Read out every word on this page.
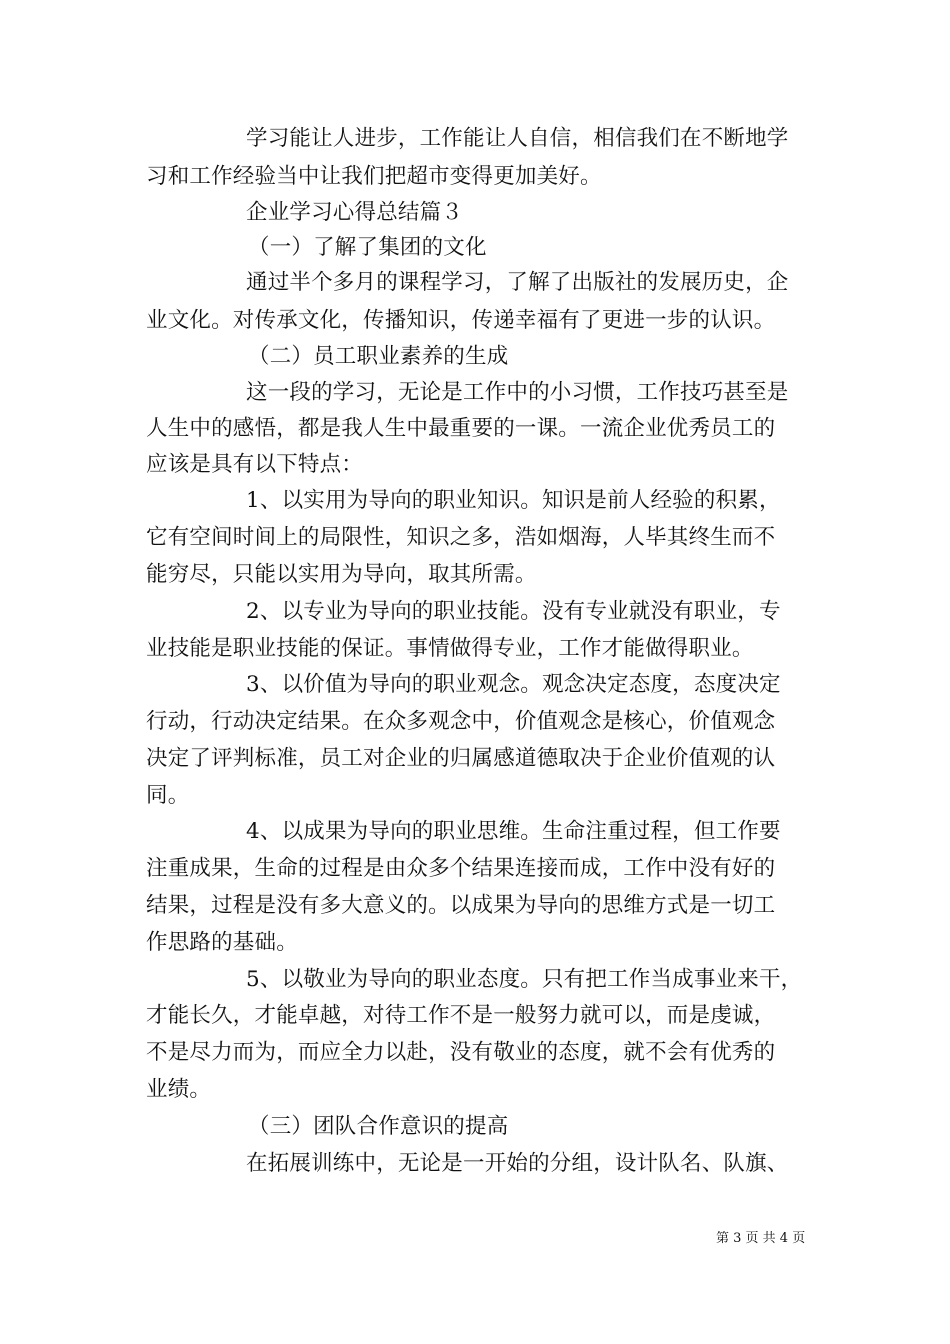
学习能让人进步，工作能让人自信，相信我们在不断地学
习和工作经验当中让我们把超市变得更加美好。
企业学习心得总结篇３
（一）了解了集团的文化
通过半个多月的课程学习，了解了出版社的发展历史，企
业文化。对传承文化，传播知识，传递幸福有了更进一步的认识。
（二）员工职业素养的生成
这一段的学习，无论是工作中的小习惯，工作技巧甚至是
人生中的感悟，都是我人生中最重要的一课。一流企业优秀员工的
应该是具有以下特点：
1、以实用为导向的职业知识。知识是前人经验的积累，
它有空间时间上的局限性，知识之多，浩如烟海，人毕其终生而不
能穷尽，只能以实用为导向，取其所需。
2、以专业为导向的职业技能。没有专业就没有职业，专
业技能是职业技能的保证。事情做得专业，工作才能做得职业。
3、以价值为导向的职业观念。观念决定态度，态度决定
行动，行动决定结果。在众多观念中，价值观念是核心，价值观念
决定了评判标准，员工对企业的归属感道德取决于企业价值观的认
同。
4、以成果为导向的职业思维。生命注重过程，但工作要
注重成果，生命的过程是由众多个结果连接而成，工作中没有好的
结果，过程是没有多大意义的。以成果为导向的思维方式是一切工
作思路的基础。
5、以敬业为导向的职业态度。只有把工作当成事业来干，
才能长久，才能卓越，对待工作不是一般努力就可以，而是虔诚，
不是尽力而为，而应全力以赴，没有敬业的态度，就不会有优秀的
业绩。
（三）团队合作意识的提高
在拓展训练中，无论是一开始的分组，设计队名、队旗、
第 3 页 共 4 页
